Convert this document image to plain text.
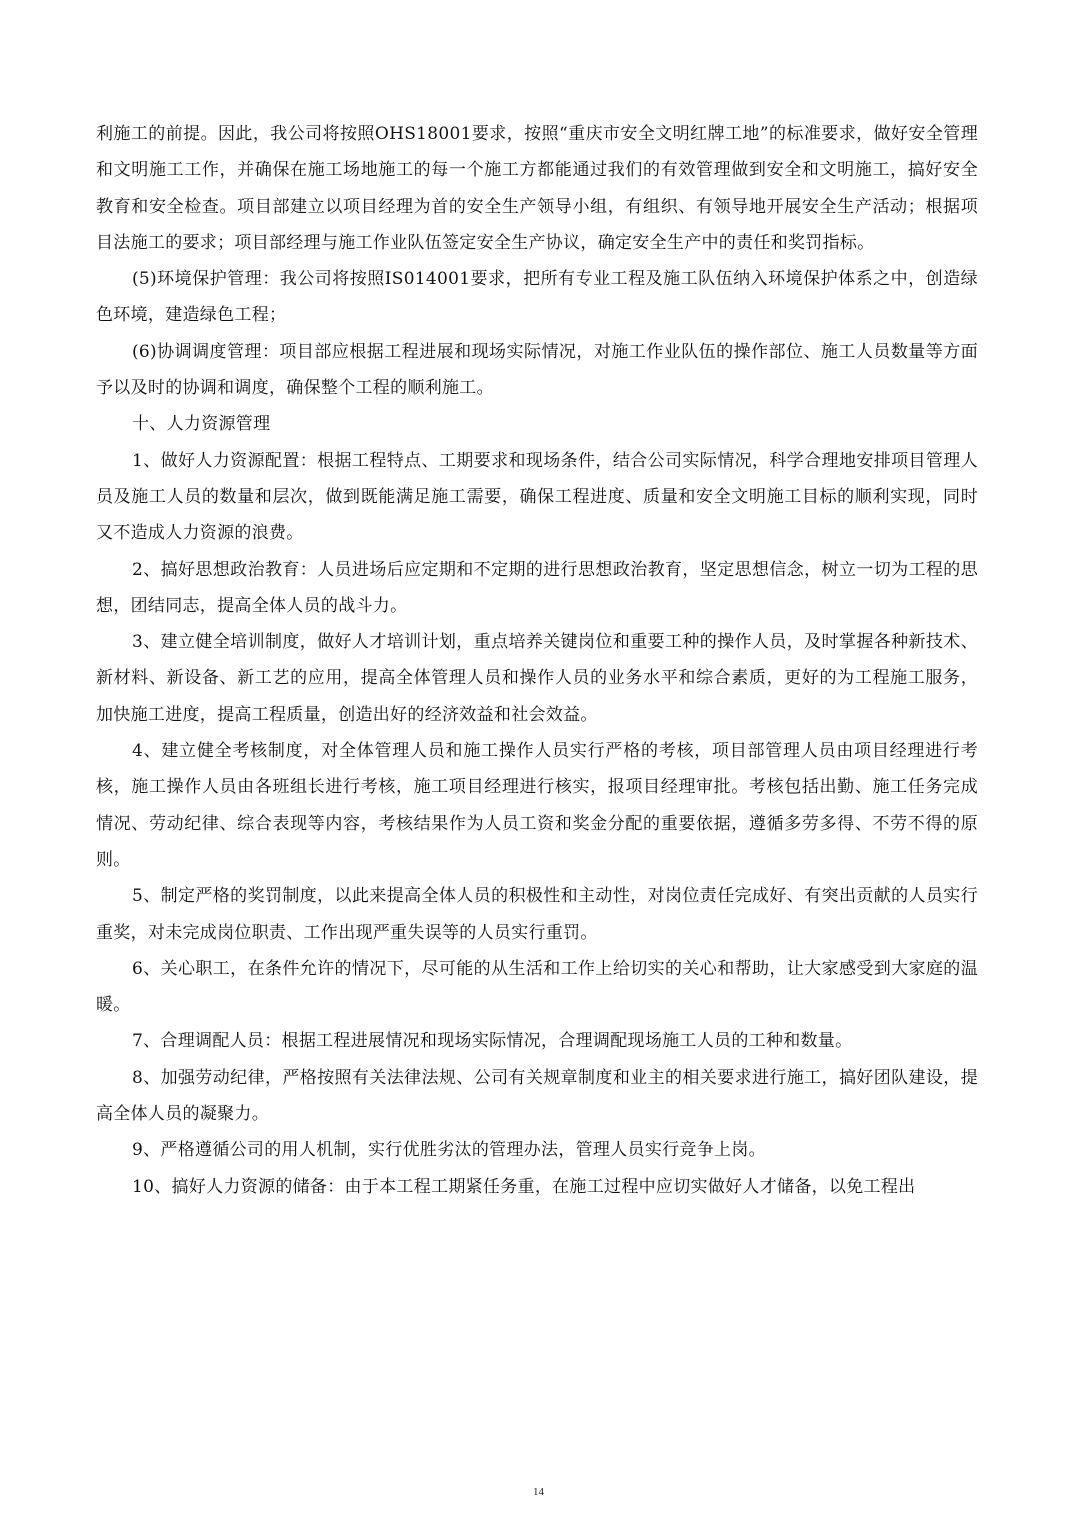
利施工的前提。因此，我公司将按照OHS18001要求，按照“重庆市安全文明红牌工地”的标准要求，做好安全管理和文明施工工作，并确保在施工场地施工的每一个施工方都能通过我们的有效管理做到安全和文明施工，搞好安全教育和安全检查。项目部建立以项目经理为首的安全生产领导小组，有组织、有领导地开展安全生产活动；根据项目法施工的要求；项目部经理与施工作业队伍签定安全生产协议，确定安全生产中的责任和奖罚指标。

(5)环境保护管理：我公司将按照IS014001要求，把所有专业工程及施工队伍纳入环境保护体系之中，创造绿色环境，建造绿色工程；

(6)协调调度管理：项目部应根据工程进展和现场实际情况，对施工作业队伍的操作部位、施工人员数量等方面予以及时的协调和调度，确保整个工程的顺利施工。

十、人力资源管理

1、做好人力资源配置：根据工程特点、工期要求和现场条件，结合公司实际情况，科学合理地安排项目管理人员及施工人员的数量和层次，做到既能满足施工需要，确保工程进度、质量和安全文明施工目标的顺利实现，同时又不造成人力资源的浪费。

2、搞好思想政治教育：人员进场后应定期和不定期的进行思想政治教育，坚定思想信念，树立一切为工程的思想，团结同志，提高全体人员的战斗力。

3、建立健全培训制度，做好人才培训计划，重点培养关键岗位和重要工种的操作人员，及时掌握各种新技术、新材料、新设备、新工艺的应用，提高全体管理人员和操作人员的业务水平和综合素质，更好的为工程施工服务，加快施工进度，提高工程质量，创造出好的经济效益和社会效益。

4、建立健全考核制度，对全体管理人员和施工操作人员实行严格的考核，项目部管理人员由项目经理进行考核，施工操作人员由各班组长进行考核，施工项目经理进行核实，报项目经理审批。考核包括出勤、施工任务完成情况、劳动纪律、综合表现等内容，考核结果作为人员工资和奖金分配的重要依据，遵循多劳多得、不劳不得的原则。

5、制定严格的奖罚制度，以此来提高全体人员的积极性和主动性，对岗位责任完成好、有突出贡献的人员实行重奖，对未完成岗位职责、工作出现严重失误等的人员实行重罚。

6、关心职工，在条件允许的情况下，尽可能的从生活和工作上给切实的关心和帮助，让大家感受到大家庭的温暖。

7、合理调配人员：根据工程进展情况和现场实际情况，合理调配现场施工人员的工种和数量。

8、加强劳动纪律，严格按照有关法律法规、公司有关规章制度和业主的相关要求进行施工，搞好团队建设，提高全体人员的凝聚力。

9、严格遵循公司的用人机制，实行优胜劣汰的管理办法，管理人员实行竞争上岗。

10、搞好人力资源的储备：由于本工程工期紧任务重，在施工过程中应切实做好人才储备，以免工程出

14
